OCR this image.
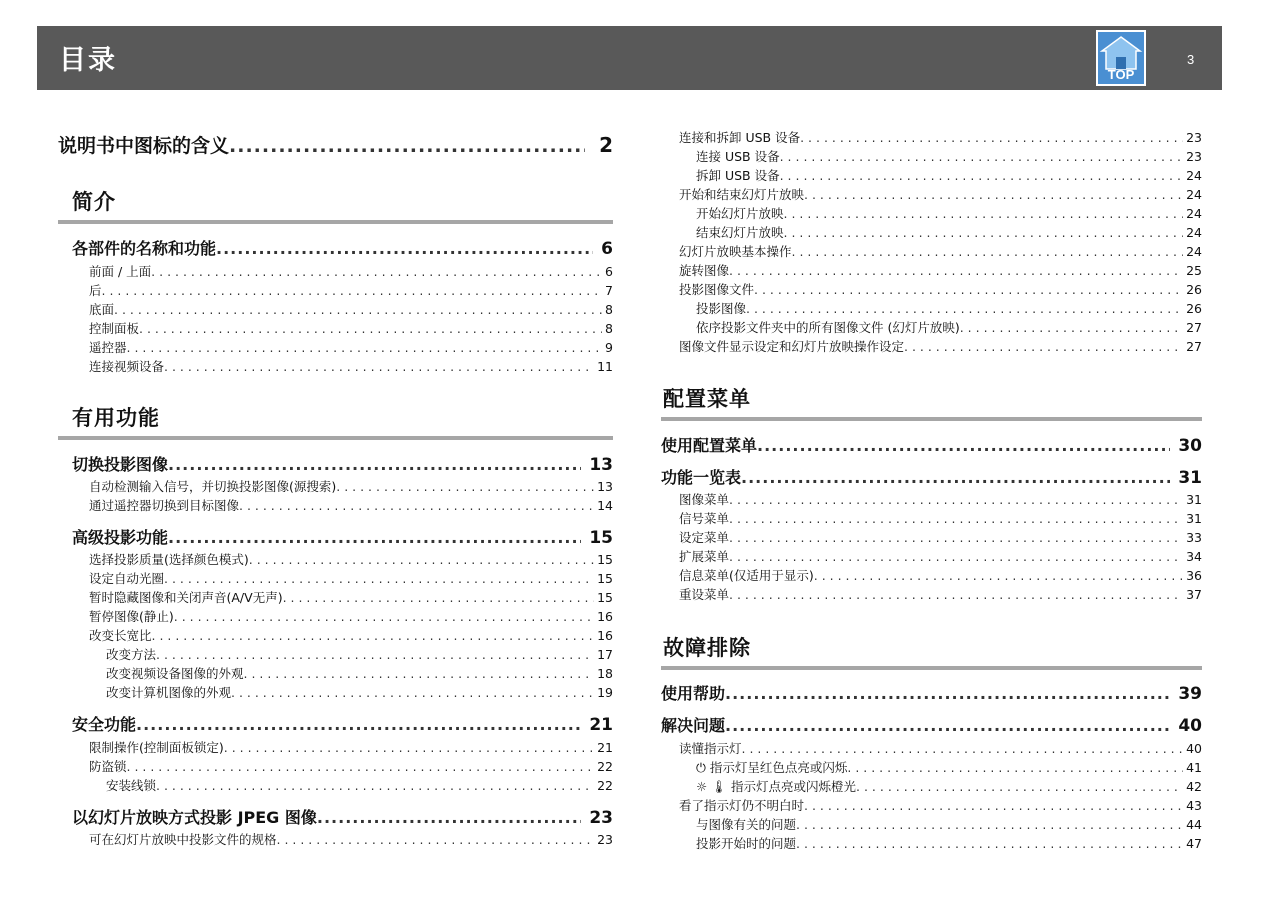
目录	TOP
3
说明书中图标的含义 .....	2
简介
各部件的名称和功能 .....	6
前面 / 上面 . . .	6
后 . . .	7
底面 . . .	8
控制面板 . . .	8
遥控器 . . .	9
连接视频设备 . . .	11
有用功能
切换投影图像 .....	13
自动检测输入信号，并切换投影图像(源搜索) . . .	13
通过遥控器切换到目标图像 . . .	14
高级投影功能 .....	15
选择投影质量(选择颜色模式) . . .	15
设定自动光圈 . . .	15
暂时隐藏图像和关闭声音(A/V无声) . . .	15
暂停图像(静止) . . .	16
改变长宽比 . . .	16
改变方法 . . .	17
改变视频设备图像的外观 . . .	18
改变计算机图像的外观 . . .	19
安全功能 .....	21
限制操作(控制面板锁定) . . .	21
防盗锁 . . .	22
安装线锁 . . .	22
以幻灯片放映方式投影 JPEG 图像 .....	23
可在幻灯片放映中投影文件的规格 . . .	23
连接和拆卸 USB 设备 . . .	23
连接 USB 设备 . . .	23
拆卸 USB 设备 . . .	24
开始和结束幻灯片放映 . . .	24
开始幻灯片放映 . . .	24
结束幻灯片放映 . . .	24
幻灯片放映基本操作 . . .	24
旋转图像 . . .	25
投影图像文件 . . .	26
投影图像 . . .	26
依序投影文件夹中的所有图像文件 (幻灯片放映) . . .	27
图像文件显示设定和幻灯片放映操作设定 . . .	27
配置菜单
使用配置菜单 .....	30
功能一览表 .....	31
图像菜单 . . .	31
信号菜单 . . .	31
设定菜单 . . .	33
扩展菜单 . . .	34
信息菜单(仅适用于显示) . . .	36
重设菜单 . . .	37
故障排除
使用帮助 .....	39
解决问题 .....	40
读懂指示灯 . . .	40
⏻ 指示灯呈红色点亮或闪烁 . . .	41
☼ 🌡 指示灯点亮或闪烁橙光 . . .	42
看了指示灯仍不明白时 . . .	43
与图像有关的问题 . . .	44
投影开始时的问题 . . .	47
